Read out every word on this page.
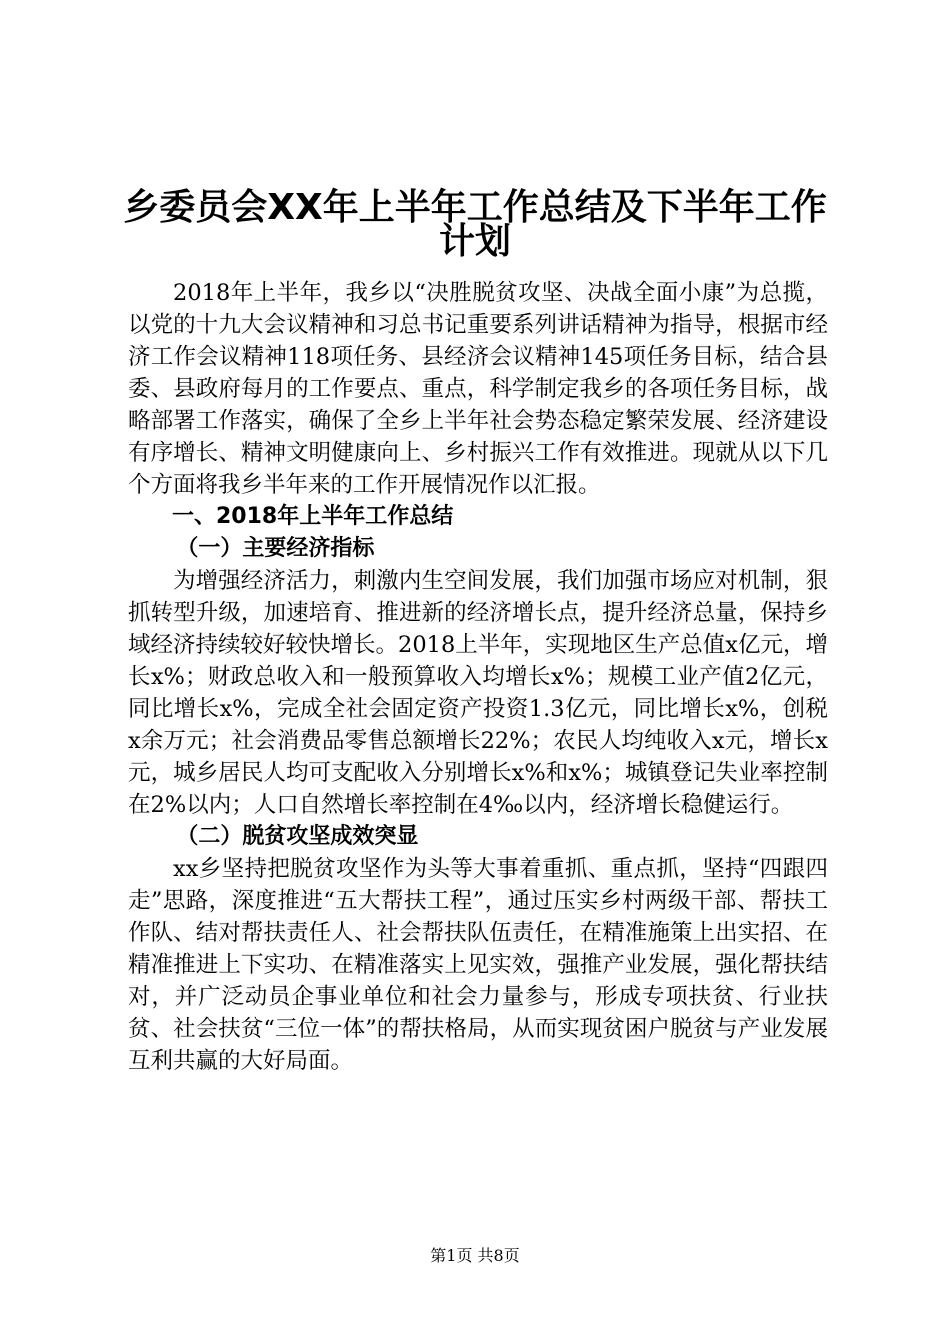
乡委员会XX年上半年工作总结及下半年工作
计划

2018年上半年，我乡以“决胜脱贫攻坚、决战全面小康”为总揽，以党的十九大会议精神和习总书记重要系列讲话精神为指导，根据市经济工作会议精神118项任务、县经济会议精神145项任务目标，结合县委、县政府每月的工作要点、重点，科学制定我乡的各项任务目标，战略部署工作落实，确保了全乡上半年社会势态稳定繁荣发展、经济建设有序增长、精神文明健康向上、乡村振兴工作有效推进。现就从以下几个方面将我乡半年来的工作开展情况作以汇报。

一、2018年上半年工作总结

（一）主要经济指标

为增强经济活力，刺激内生空间发展，我们加强市场应对机制，狠抓转型升级，加速培育、推进新的经济增长点，提升经济总量，保持乡域经济持续较好较快增长。2018上半年，实现地区生产总值x亿元，增长x%；财政总收入和一般预算收入均增长x%；规模工业产值2亿元，同比增长x%，完成全社会固定资产投资1.3亿元，同比增长x%，创税x余万元；社会消费品零售总额增长22%；农民人均纯收入x元，增长x元，城乡居民人均可支配收入分别增长x%和x%；城镇登记失业率控制在2%以内；人口自然增长率控制在4‰以内，经济增长稳健运行。

（二）脱贫攻坚成效突显

xx乡坚持把脱贫攻坚作为头等大事着重抓、重点抓，坚持“四跟四走”思路，深度推进“五大帮扶工程”，通过压实乡村两级干部、帮扶工作队、结对帮扶责任人、社会帮扶队伍责任，在精准施策上出实招、在精准推进上下实功、在精准落实上见实效，强推产业发展，强化帮扶结对，并广泛动员企事业单位和社会力量参与，形成专项扶贫、行业扶贫、社会扶贫“三位一体”的帮扶格局，从而实现贫困户脱贫与产业发展互利共赢的大好局面。

第1页 共8页
